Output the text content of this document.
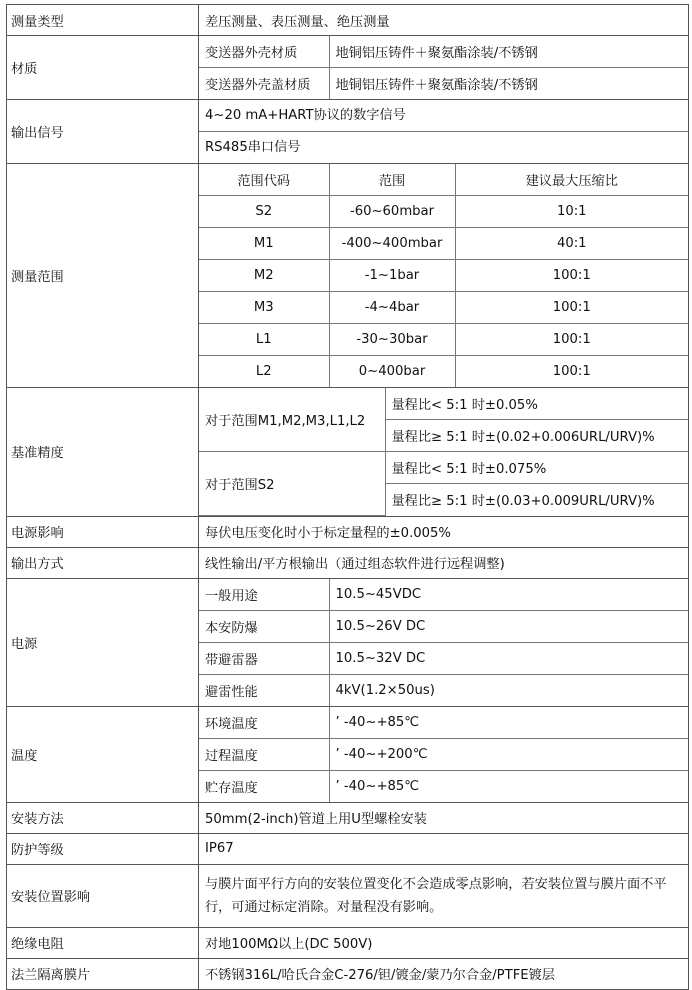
测量类型	差压测量、表压测量、绝压测量
材质	
变送器外壳材质	地铜铝压铸件＋聚氨酯涂装/不锈钢
变送器外壳盖材质	地铜铝压铸件＋聚氨酯涂装/不锈钢

输出信号	
4~20 mA+HART协议的数字信号
RS485串口信号

测量范围	
范围代码	范围	建议最大压缩比
S2	-60~60mbar	10:1
M1	-400~400mbar	40:1
M2	-1~1bar	100:1
M3	-4~4bar	100:1
L1	-30~30bar	100:1
L2	0~400bar	100:1

基准精度	
对于范围M1,M2,M3,L1,L2	量程比< 5:1 时±0.05%
量程比≥ 5:1 时±(0.02+0.006URL/URV)%
对于范围S2	量程比< 5:1 时±0.075%
量程比≥ 5:1 时±(0.03+0.009URL/URV)%

电源影响	每伏电压变化时小于标定量程的±0.005%
输出方式	线性输出/平方根输出（通过组态软件进行远程调整)
电源	
一般用途	10.5~45VDC
本安防爆	10.5~26V DC
带避雷器	10.5~32V DC
避雷性能	4kV(1.2×50us)

温度	
环境温度	’ -40~+85℃
过程温度	’ -40~+200℃
贮存温度	’ -40~+85℃

安装方法	50mm(2-inch)管道上用U型螺栓安装
防护等级	IP67
安装位置影响	
与膜片面平行方向的安装位置变化不会造成零点影响，若安装位置与膜片面不平行，可通过标定消除。对量程没有影响。

绝缘电阻	对地100MΩ以上(DC 500V)
法兰隔离膜片	不锈钢316L/哈氏合金C-276/钽/镀金/蒙乃尔合金/PTFE镀层
